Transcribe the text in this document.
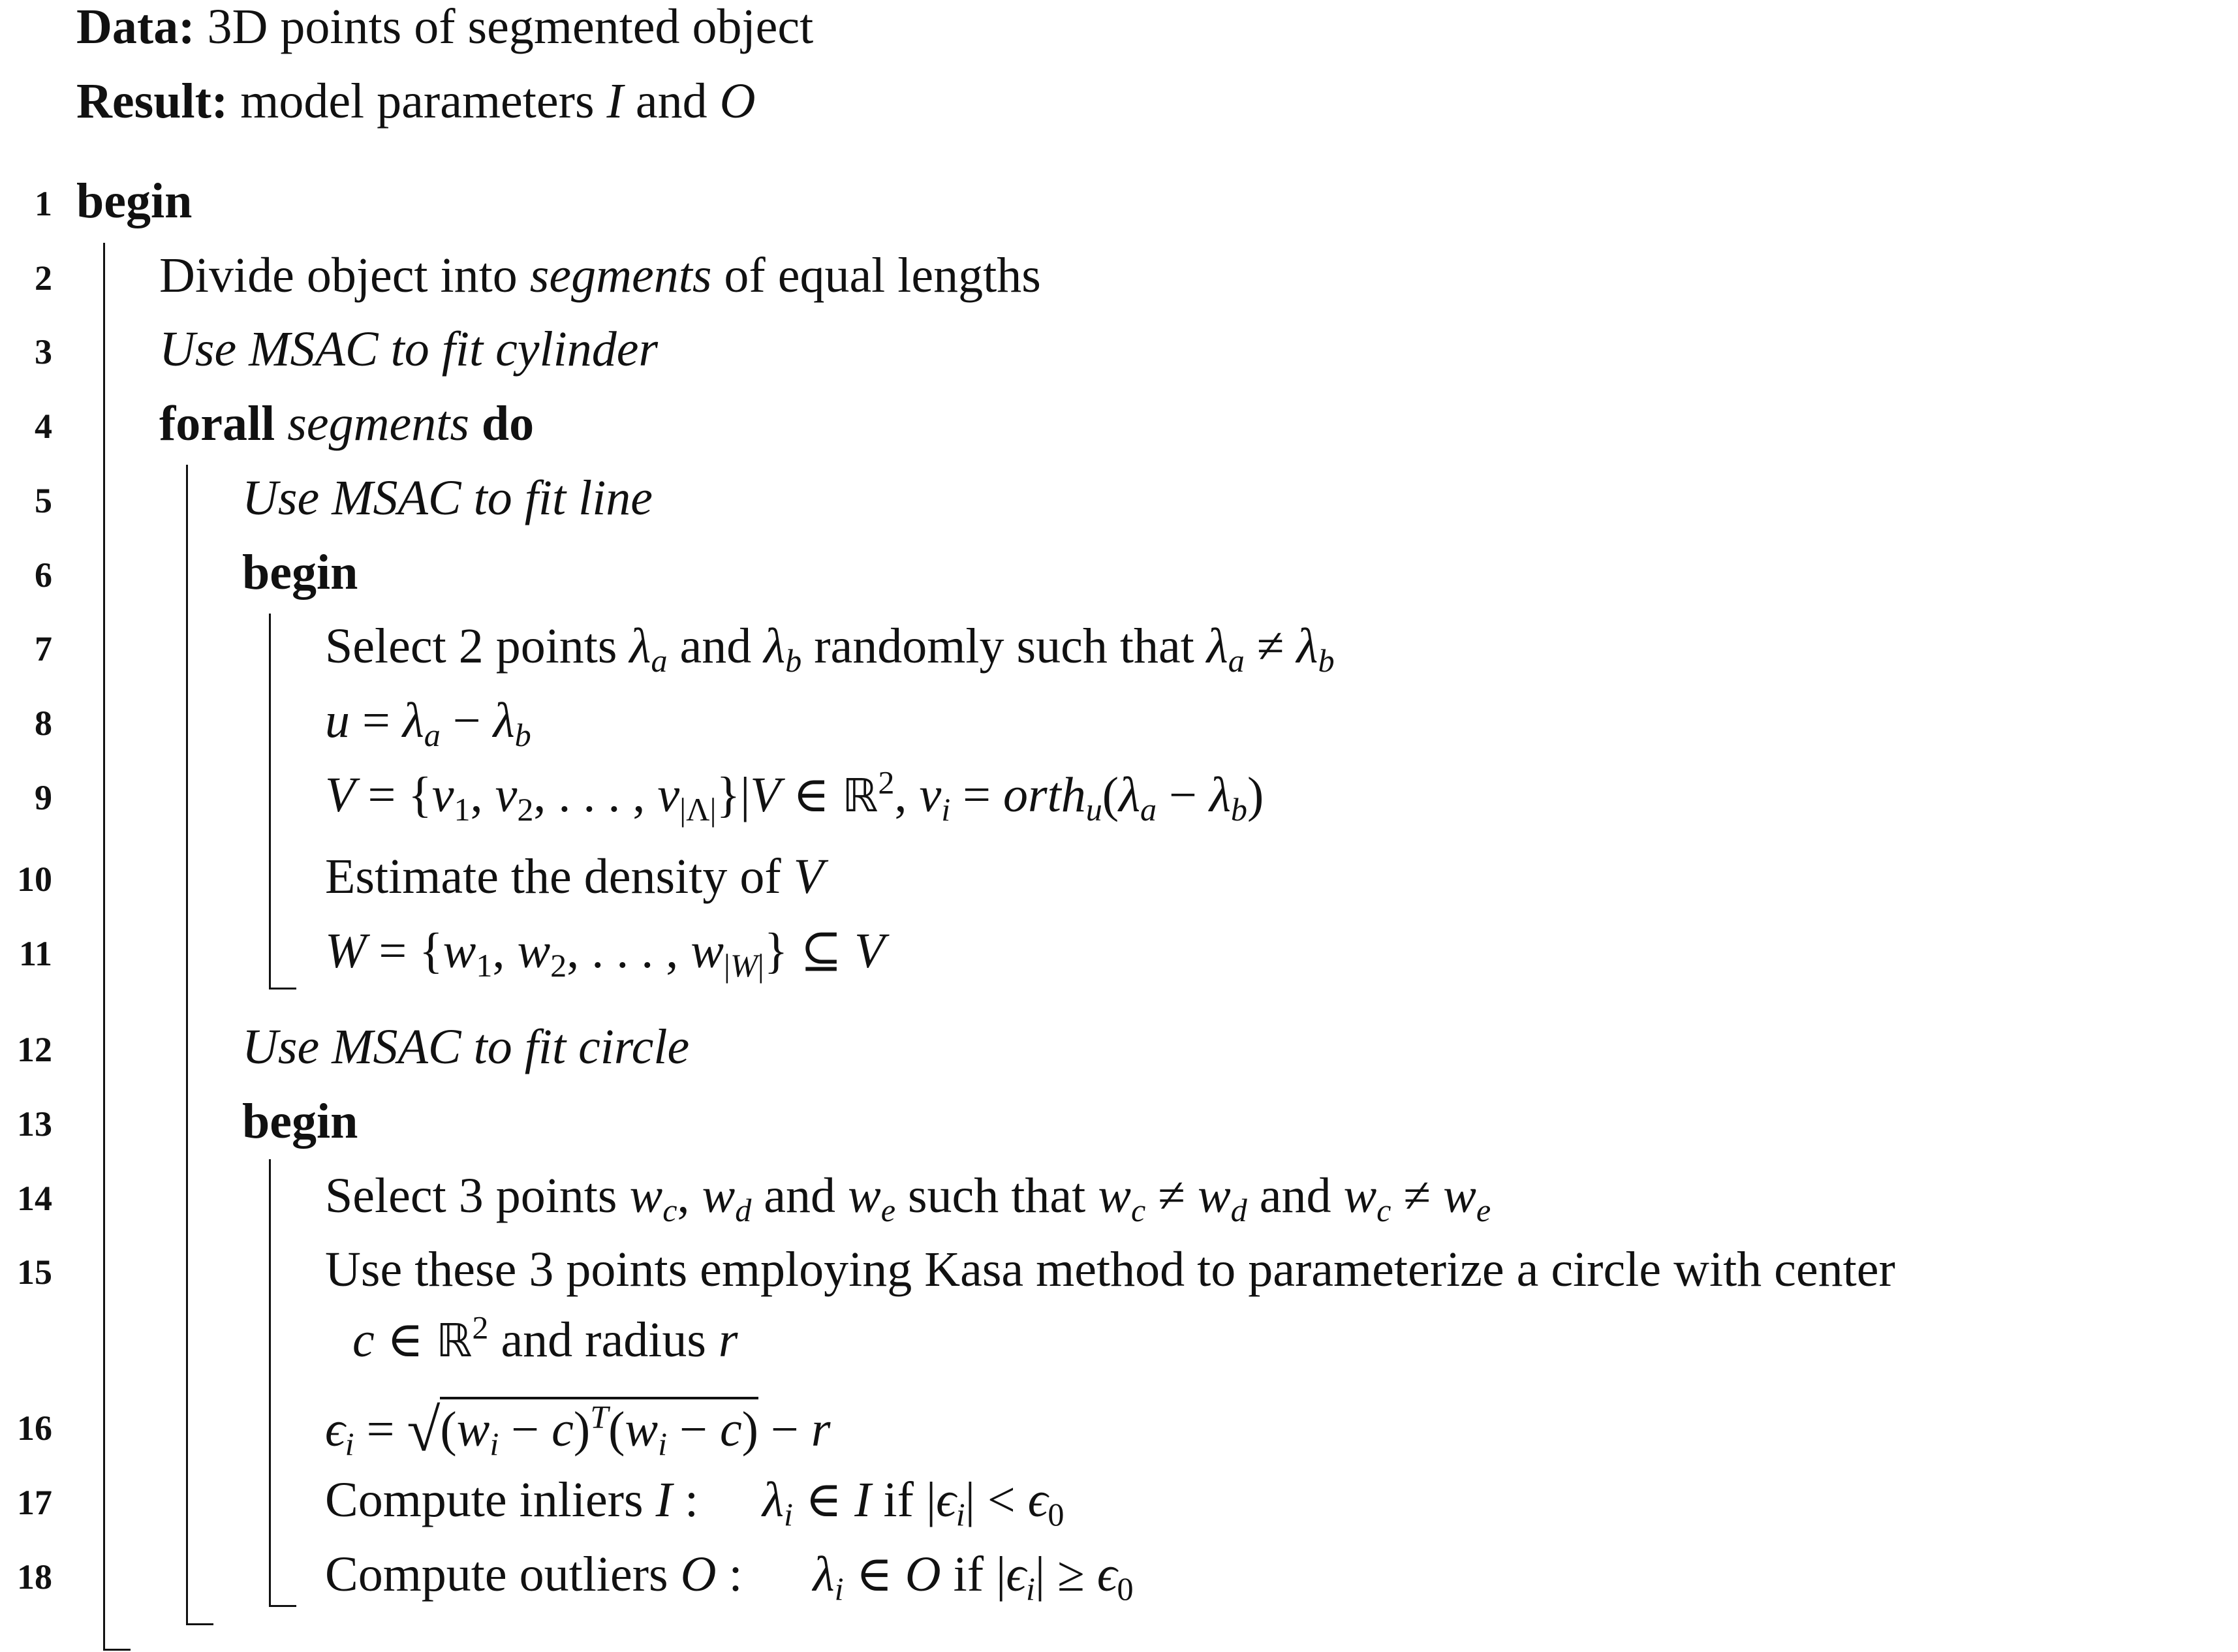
Data: 3D points of segmented object
Result: model parameters I and O
1
2
3
4
5
6
7
8
9
10
11
12
13
14
15
16
17
18
begin
Divide object into segments of equal lengths
Use MSAC to fit cylinder
forall segments do
Use MSAC to fit line
begin
Select 2 points $\lambda_a$ and $\lambda_b$ randomly such that $\lambda_a \ne \lambda_b$
$u = \lambda_a - \lambda_b$
$V = \{v_1$, $v_2$, . . . , $v_{|\Lambda|}\}|V$ ∈ ℝ$^2$, $v_i$ = $orth_u(\lambda_a - \lambda_b)$
Estimate the density of V
$W = \{w_1$, $w_2$, . . . , $w_{|W|}$} ⊆ V
Use MSAC to fit circle
begin
Select 3 points $w_c$, $w_d$ and $w_e$ such that $w_c \ne w_d$ and $w_c \ne w_e$
Use these 3 points employing Kasa method to parameterize a circle with center
c ∈ ℝ$^2$ and radius r
$\epsilon_i = √(w_i - c)^T(w_i - c) - r$
Compute inliers I : $\lambda_i$ ∈ I if $|\epsilon_i| < \epsilon_0$
Compute outliers O : $\lambda_i$ ∈ O if $|\epsilon_i| \ge \epsilon_0$
